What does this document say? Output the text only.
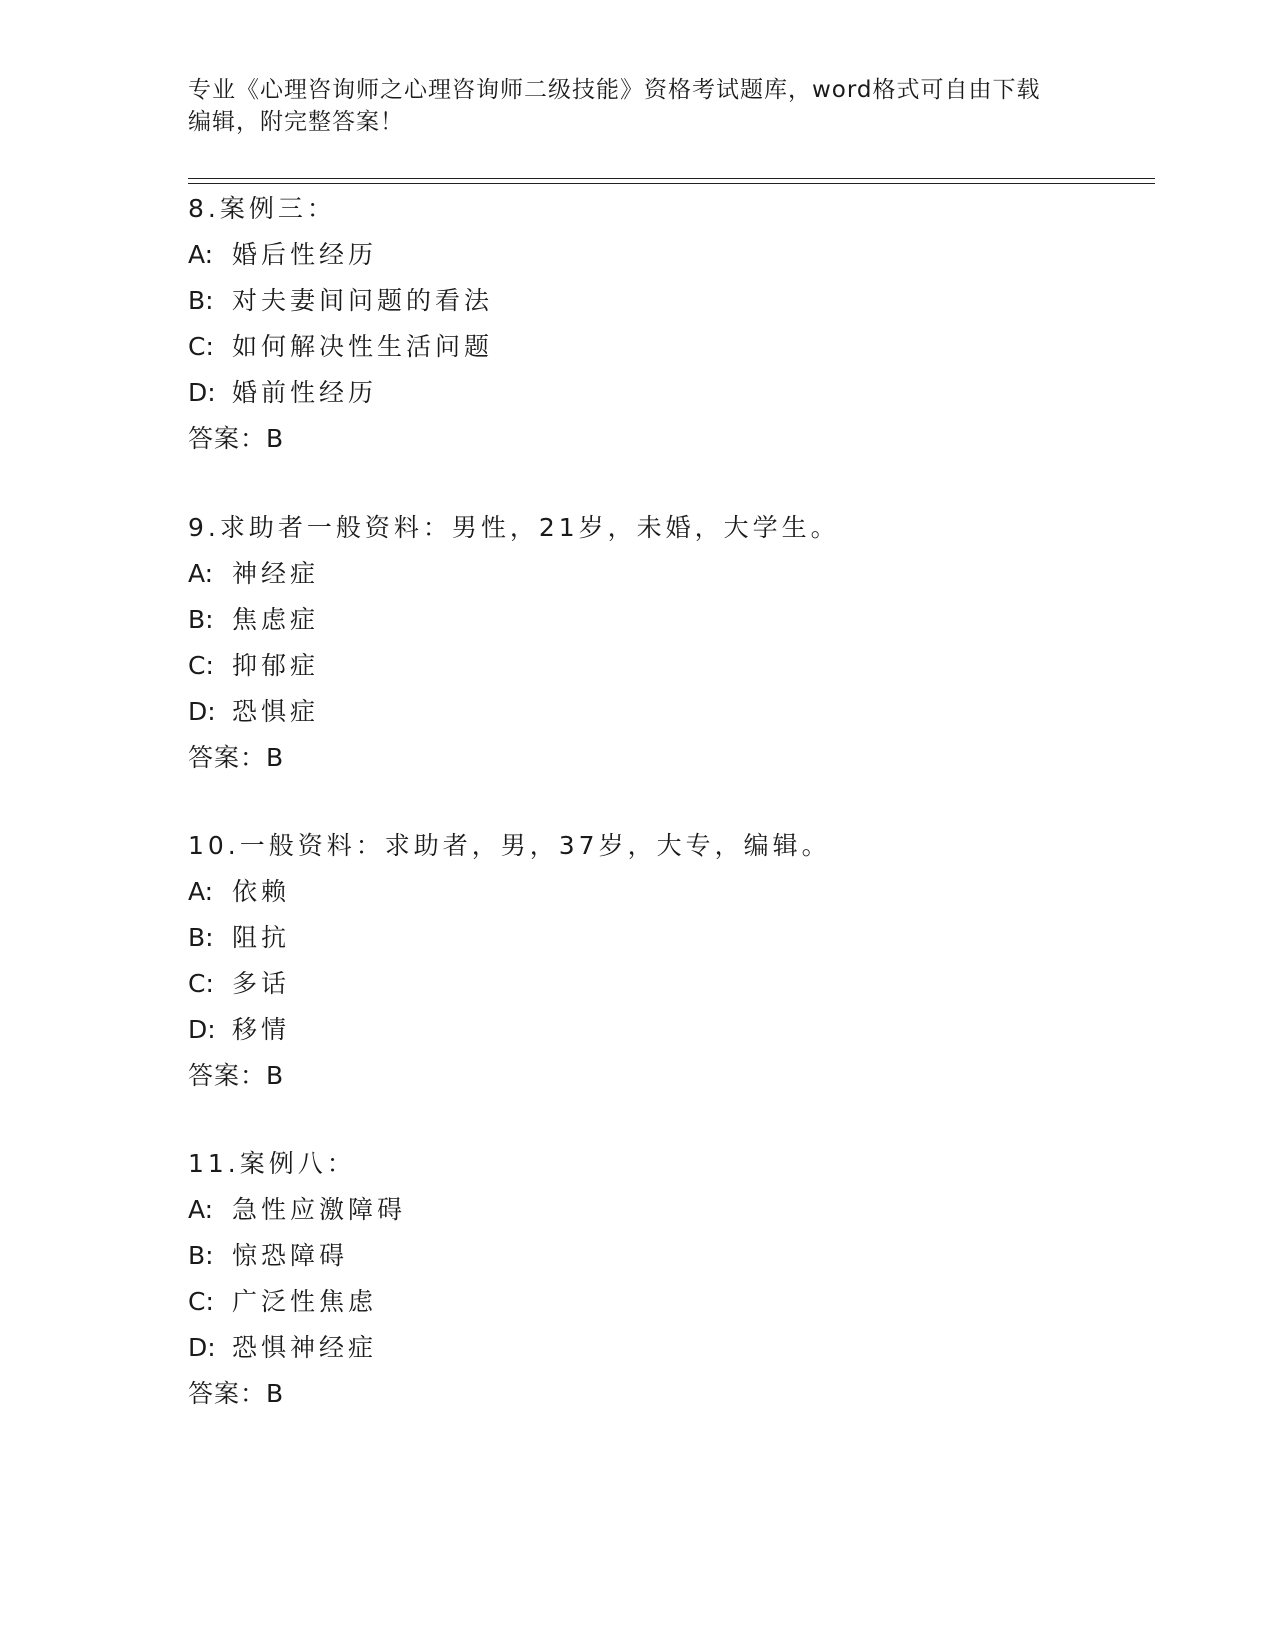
专业《心理咨询师之心理咨询师二级技能》资格考试题库，word格式可自由下载
编辑，附完整答案！
8.案例三：
A: 婚后性经历
B: 对夫妻间问题的看法
C: 如何解决性生活问题
D: 婚前性经历
答案：B
9.求助者一般资料：男性，21岁，未婚，大学生。
A: 神经症
B: 焦虑症
C: 抑郁症
D: 恐惧症
答案：B
10.一般资料：求助者，男，37岁，大专，编辑。
A: 依赖
B: 阻抗
C: 多话
D: 移情
答案：B
11.案例八：
A: 急性应激障碍
B: 惊恐障碍
C: 广泛性焦虑
D: 恐惧神经症
答案：B
